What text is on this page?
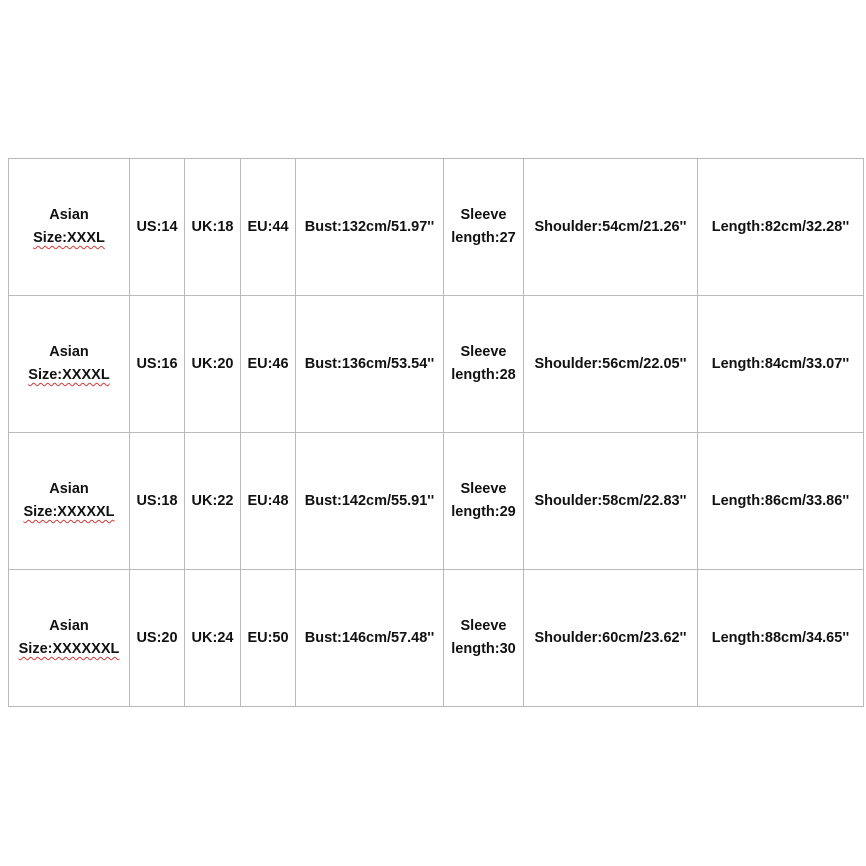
Asian
Size:XXXL	US:14	UK:18	EU:44	Bust:132cm/51.97''	Sleeve
length:27	Shoulder:54cm/21.26''	Length:82cm/32.28''

Asian
Size:XXXXL	US:16	UK:20	EU:46	Bust:136cm/53.54''	Sleeve
length:28	Shoulder:56cm/22.05''	Length:84cm/33.07''

Asian
Size:XXXXXL	US:18	UK:22	EU:48	Bust:142cm/55.91''	Sleeve
length:29	Shoulder:58cm/22.83''	Length:86cm/33.86''

Asian
Size:XXXXXXL	US:20	UK:24	EU:50	Bust:146cm/57.48''	Sleeve
length:30	Shoulder:60cm/23.62''	Length:88cm/34.65''
